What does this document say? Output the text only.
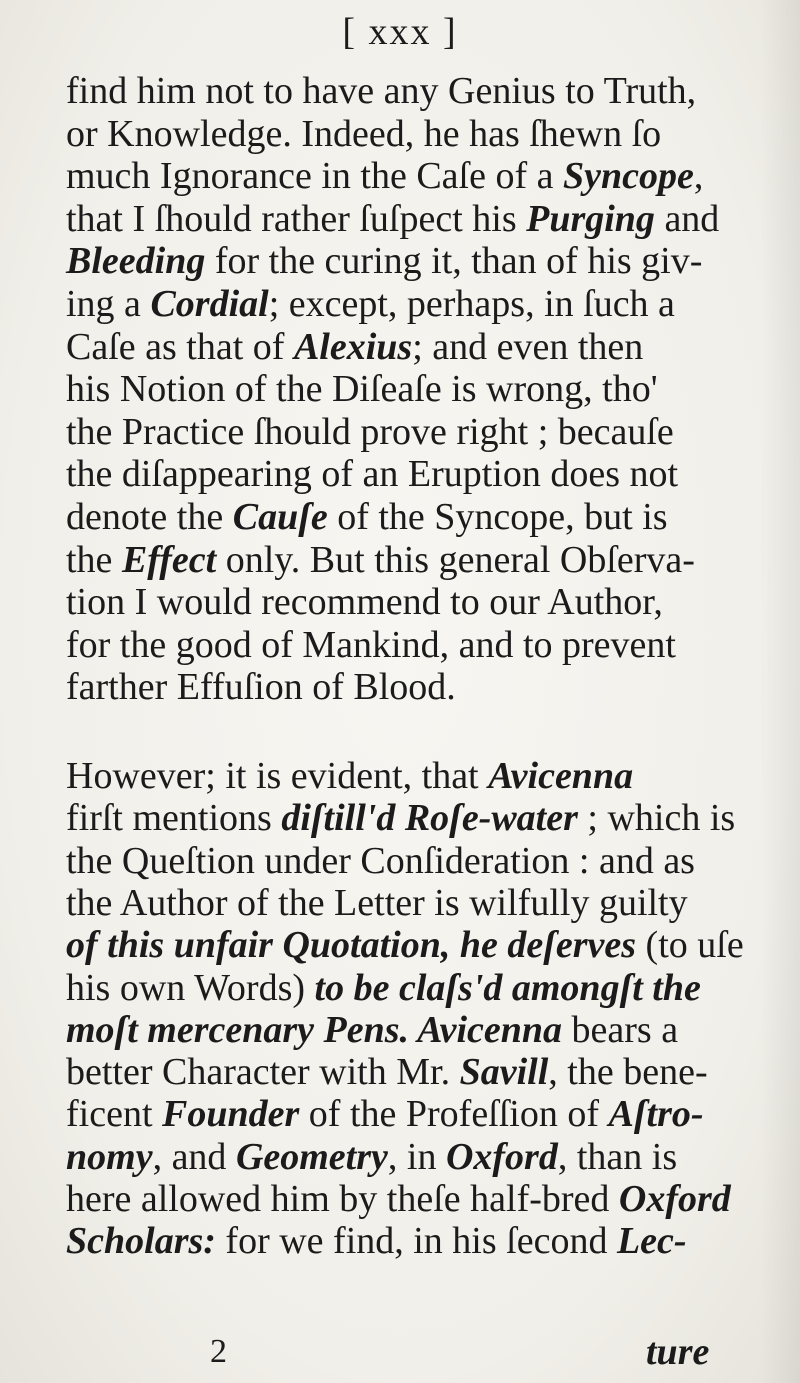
[ xxx ]
find him not to have any Genius to Truth,
or Knowledge. Indeed, he has ſhewn ſo
much Ignorance in the Caſe of a Syncope,
that I ſhould rather ſuſpect his Purging and
Bleeding for the curing it, than of his giv-
ing a Cordial; except, perhaps, in ſuch a
Caſe as that of Alexius; and even then
his Notion of the Diſeaſe is wrong, tho'
the Practice ſhould prove right ; becauſe
the diſappearing of an Eruption does not
denote the Cauſe of the Syncope, but is
the Effect only. But this general Obſerva-
tion I would recommend to our Author,
for the good of Mankind, and to prevent
farther Effuſion of Blood.
However; it is evident, that Avicenna
firſt mentions diſtill'd Roſe-water ; which is
the Queſtion under Conſideration : and as
the Author of the Letter is wilfully guilty
of this unfair Quotation, he deſerves (to uſe
his own Words) to be claſs'd amongſt the
moſt mercenary Pens. Avicenna bears a
better Character with Mr. Savill, the bene-
ficent Founder of the Profeſſion of Aſtro-
nomy, and Geometry, in Oxford, than is
here allowed him by theſe half-bred Oxford
Scholars: for we find, in his ſecond Lec-
2	ture
